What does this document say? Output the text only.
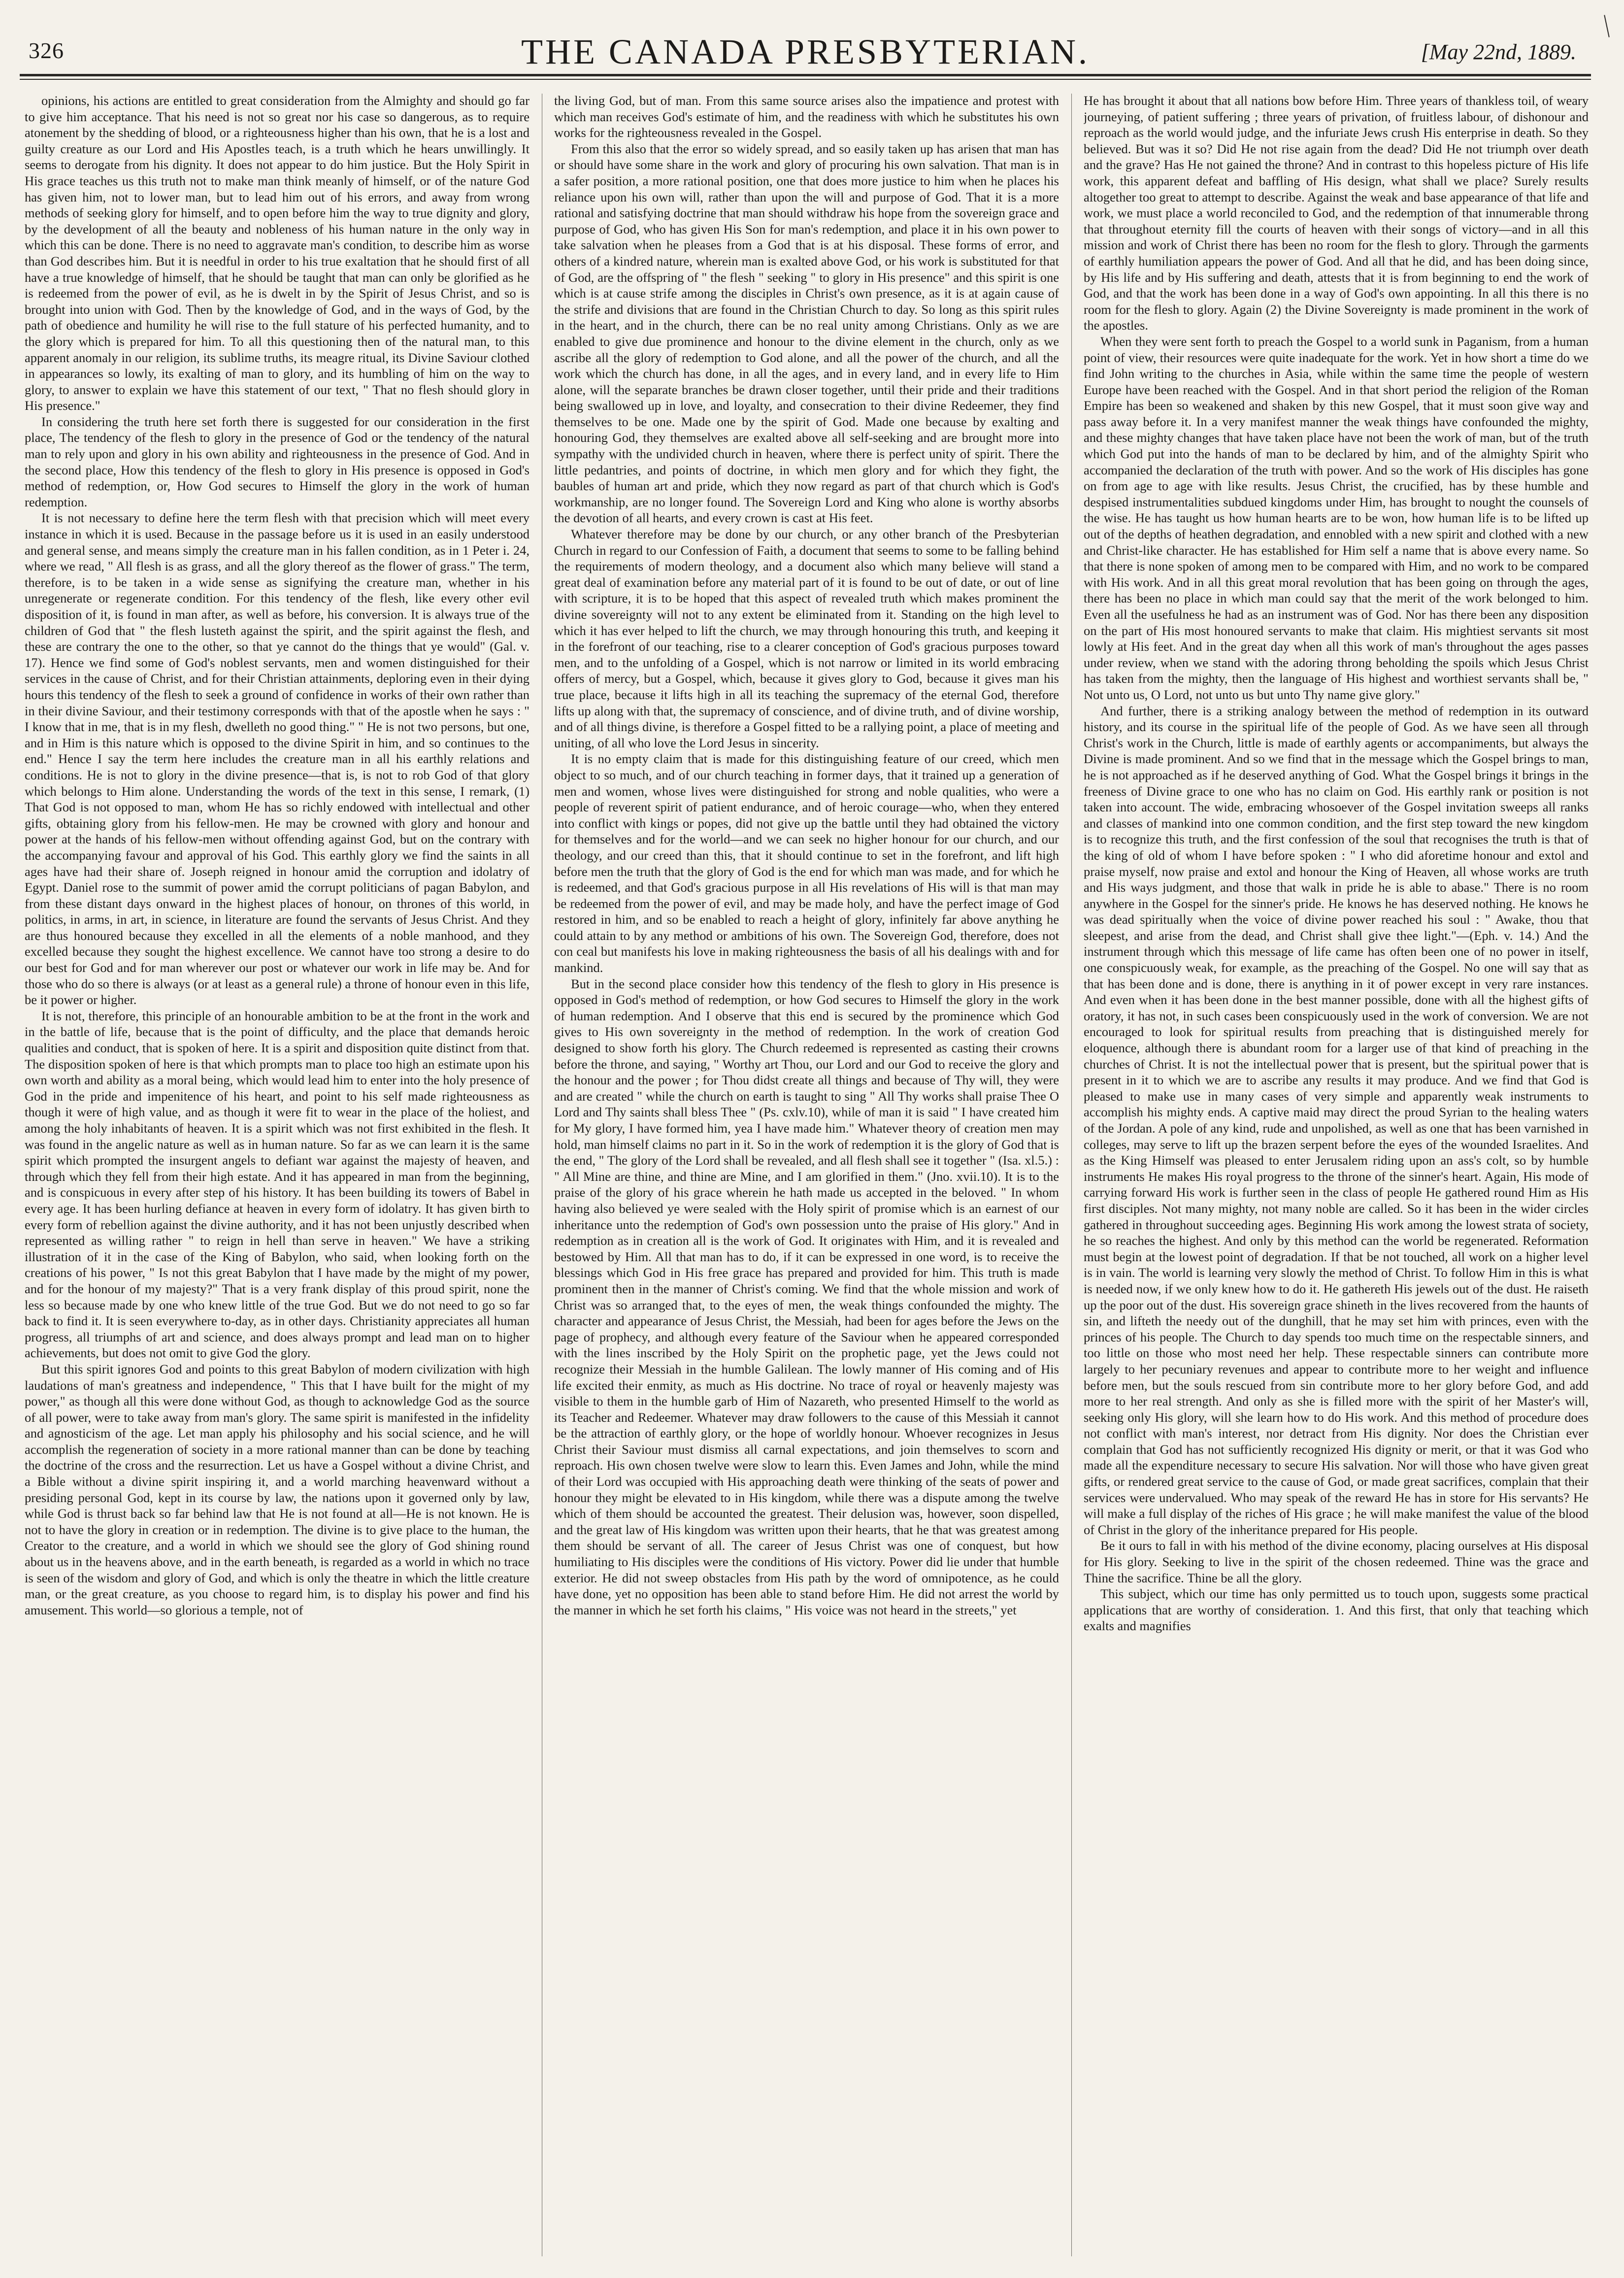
326	THE CANADA PRESBYTERIAN.	[May 22nd, 1889.

opinions, his actions are entitled to great consideration from the Almighty and should go far to give him acceptance. That his need is not so great nor his case so dangerous, as to require atonement by the shedding of blood, or a righteousness higher than his own, that he is a lost and guilty creature as our Lord and His Apostles teach, is a truth which he hears unwillingly. It seems to derogate from his dignity. It does not appear to do him justice. But the Holy Spirit in His grace teaches us this truth not to make man think meanly of himself, or of the nature God has given him, not to lower man, but to lead him out of his errors, and away from wrong methods of seeking glory for himself, and to open before him the way to true dignity and glory, by the development of all the beauty and nobleness of his human nature in the only way in which this can be done. There is no need to aggravate man's condition, to describe him as worse than God describes him. But it is needful in order to his true exaltation that he should first of all have a true knowledge of himself, that he should be taught that man can only be glorified as he is redeemed from the power of evil, as he is dwelt in by the Spirit of Jesus Christ, and so is brought into union with God. Then by the knowledge of God, and in the ways of God, by the path of obedience and humility he will rise to the full stature of his perfected humanity, and to the glory which is prepared for him. To all this questioning then of the natural man, to this apparent anomaly in our religion, its sublime truths, its meagre ritual, its Divine Saviour clothed in appearances so lowly, its exalting of man to glory, and its humbling of him on the way to glory, to answer to explain we have this statement of our text, " That no flesh should glory in His presence."

In considering the truth here set forth there is suggested for our consideration in the first place, The tendency of the flesh to glory in the presence of God or the tendency of the natural man to rely upon and glory in his own ability and righteousness in the presence of God. And in the second place, How this tendency of the flesh to glory in His presence is opposed in God's method of redemption, or, How God secures to Himself the glory in the work of human redemption.

It is not necessary to define here the term flesh with that precision which will meet every instance in which it is used. Because in the passage before us it is used in an easily understood and general sense, and means simply the creature man in his fallen condition, as in 1 Peter i. 24, where we read, " All flesh is as grass, and all the glory thereof as the flower of grass." The term, therefore, is to be taken in a wide sense as signifying the creature man, whether in his unregenerate or regenerate condition. For this tendency of the flesh, like every other evil disposition of it, is found in man after, as well as before, his conversion. It is always true of the children of God that " the flesh lusteth against the spirit, and the spirit against the flesh, and these are contrary the one to the other, so that ye cannot do the things that ye would" (Gal. v. 17). Hence we find some of God's noblest servants, men and women distinguished for their services in the cause of Christ, and for their Christian attainments, deploring even in their dying hours this tendency of the flesh to seek a ground of confidence in works of their own rather than in their divine Saviour, and their testimony corresponds with that of the apostle when he says : " I know that in me, that is in my flesh, dwelleth no good thing." " He is not two persons, but one, and in Him is this nature which is opposed to the divine Spirit in him, and so continues to the end." Hence I say the term here includes the creature man in all his earthly relations and conditions. He is not to glory in the divine presence—that is, is not to rob God of that glory which belongs to Him alone. Understanding the words of the text in this sense, I remark, (1) That God is not opposed to man, whom He has so richly endowed with intellectual and other gifts, obtaining glory from his fellow-men. He may be crowned with glory and honour and power at the hands of his fellow-men without offending against God, but on the contrary with the accompanying favour and approval of his God. This earthly glory we find the saints in all ages have had their share of. Joseph reigned in honour amid the corruption and idolatry of Egypt. Daniel rose to the summit of power amid the corrupt politicians of pagan Babylon, and from these distant days onward in the highest places of honour, on thrones of this world, in politics, in arms, in art, in science, in literature are found the servants of Jesus Christ. And they are thus honoured because they excelled in all the elements of a noble manhood, and they excelled because they sought the highest excellence. We cannot have too strong a desire to do our best for God and for man wherever our post or whatever our work in life may be. And for those who do so there is always (or at least as a general rule) a throne of honour even in this life, be it power or higher.

It is not, therefore, this principle of an honourable ambition to be at the front in the work and in the battle of life, because that is the point of difficulty, and the place that demands heroic qualities and conduct, that is spoken of here. It is a spirit and disposition quite distinct from that. The disposition spoken of here is that which prompts man to place too high an estimate upon his own worth and ability as a moral being, which would lead him to enter into the holy presence of God in the pride and impenitence of his heart, and point to his self made righteousness as though it were of high value, and as though it were fit to wear in the place of the holiest, and among the holy inhabitants of heaven. It is a spirit which was not first exhibited in the flesh. It was found in the angelic nature as well as in human nature. So far as we can learn it is the same spirit which prompted the insurgent angels to defiant war against the majesty of heaven, and through which they fell from their high estate. And it has appeared in man from the beginning, and is conspicuous in every after step of his history. It has been building its towers of Babel in every age. It has been hurling defiance at heaven in every form of idolatry. It has given birth to every form of rebellion against the divine authority, and it has not been unjustly described when represented as willing rather " to reign in hell than serve in heaven." We have a striking illustration of it in the case of the King of Babylon, who said, when looking forth on the creations of his power, " Is not this great Babylon that I have made by the might of my power, and for the honour of my majesty?" That is a very frank display of this proud spirit, none the less so because made by one who knew little of the true God. But we do not need to go so far back to find it. It is seen everywhere to-day, as in other days. Christianity appreciates all human progress, all triumphs of art and science, and does always prompt and lead man on to higher achievements, but does not omit to give God the glory.

But this spirit ignores God and points to this great Babylon of modern civilization with high laudations of man's greatness and independence, " This that I have built for the might of my power," as though all this were done without God, as though to acknowledge God as the source of all power, were to take away from man's glory. The same spirit is manifested in the infidelity and agnosticism of the age. Let man apply his philosophy and his social science, and he will accomplish the regeneration of society in a more rational manner than can be done by teaching the doctrine of the cross and the resurrection. Let us have a Gospel without a divine Christ, and a Bible without a divine spirit inspiring it, and a world marching heavenward without a presiding personal God, kept in its course by law, the nations upon it governed only by law, while God is thrust back so far behind law that He is not found at all—He is not known. He is not to have the glory in creation or in redemption. The divine is to give place to the human, the Creator to the creature, and a world in which we should see the glory of God shining round about us in the heavens above, and in the earth beneath, is regarded as a world in which no trace is seen of the wisdom and glory of God, and which is only the theatre in which the little creature man, or the great creature, as you choose to regard him, is to display his power and find his amusement. This world—so glorious a temple, not of

the living God, but of man. From this same source arises also the impatience and protest with which man receives God's estimate of him, and the readiness with which he substitutes his own works for the righteousness revealed in the Gospel.

From this also that the error so widely spread, and so easily taken up has arisen that man has or should have some share in the work and glory of procuring his own salvation. That man is in a safer position, a more rational position, one that does more justice to him when he places his reliance upon his own will, rather than upon the will and purpose of God. That it is a more rational and satisfying doctrine that man should withdraw his hope from the sovereign grace and purpose of God, who has given His Son for man's redemption, and place it in his own power to take salvation when he pleases from a God that is at his disposal. These forms of error, and others of a kindred nature, wherein man is exalted above God, or his work is substituted for that of God, are the offspring of " the flesh " seeking " to glory in His presence" and this spirit is one which is at cause strife among the disciples in Christ's own presence, as it is at again cause of the strife and divisions that are found in the Christian Church to day. So long as this spirit rules in the heart, and in the church, there can be no real unity among Christians. Only as we are enabled to give due prominence and honour to the divine element in the church, only as we ascribe all the glory of redemption to God alone, and all the power of the church, and all the work which the church has done, in all the ages, and in every land, and in every life to Him alone, will the separate branches be drawn closer together, until their pride and their traditions being swallowed up in love, and loyalty, and consecration to their divine Redeemer, they find themselves to be one. Made one by the spirit of God. Made one because by exalting and honouring God, they themselves are exalted above all self-seeking and are brought more into sympathy with the undivided church in heaven, where there is perfect unity of spirit. There the little pedantries, and points of doctrine, in which men glory and for which they fight, the baubles of human art and pride, which they now regard as part of that church which is God's workmanship, are no longer found. The Sovereign Lord and King who alone is worthy absorbs the devotion of all hearts, and every crown is cast at His feet.

Whatever therefore may be done by our church, or any other branch of the Presbyterian Church in regard to our Confession of Faith, a document that seems to some to be falling behind the requirements of modern theology, and a document also which many believe will stand a great deal of examination before any material part of it is found to be out of date, or out of line with scripture, it is to be hoped that this aspect of revealed truth which makes prominent the divine sovereignty will not to any extent be eliminated from it. Standing on the high level to which it has ever helped to lift the church, we may through honouring this truth, and keeping it in the forefront of our teaching, rise to a clearer conception of God's gracious purposes toward men, and to the unfolding of a Gospel, which is not narrow or limited in its world embracing offers of mercy, but a Gospel, which, because it gives glory to God, because it gives man his true place, because it lifts high in all its teaching the supremacy of the eternal God, therefore lifts up along with that, the supremacy of conscience, and of divine truth, and of divine worship, and of all things divine, is therefore a Gospel fitted to be a rallying point, a place of meeting and uniting, of all who love the Lord Jesus in sincerity.

It is no empty claim that is made for this distinguishing feature of our creed, which men object to so much, and of our church teaching in former days, that it trained up a generation of men and women, whose lives were distinguished for strong and noble qualities, who were a people of reverent spirit of patient endurance, and of heroic courage—who, when they entered into conflict with kings or popes, did not give up the battle until they had obtained the victory for themselves and for the world—and we can seek no higher honour for our church, and our theology, and our creed than this, that it should continue to set in the forefront, and lift high before men the truth that the glory of God is the end for which man was made, and for which he is redeemed, and that God's gracious purpose in all His revelations of His will is that man may be redeemed from the power of evil, and may be made holy, and have the perfect image of God restored in him, and so be enabled to reach a height of glory, infinitely far above anything he could attain to by any method or ambitions of his own. The Sovereign God, therefore, does not con ceal but manifests his love in making righteousness the basis of all his dealings with and for mankind.

But in the second place consider how this tendency of the flesh to glory in His presence is opposed in God's method of redemption, or how God secures to Himself the glory in the work of human redemption. And I observe that this end is secured by the prominence which God gives to His own sovereignty in the method of redemption. In the work of creation God designed to show forth his glory. The Church redeemed is represented as casting their crowns before the throne, and saying, " Worthy art Thou, our Lord and our God to receive the glory and the honour and the power ; for Thou didst create all things and because of Thy will, they were and are created " while the church on earth is taught to sing " All Thy works shall praise Thee O Lord and Thy saints shall bless Thee " (Ps. cxlv.10), while of man it is said " I have created him for My glory, I have formed him, yea I have made him." Whatever theory of creation men may hold, man himself claims no part in it. So in the work of redemption it is the glory of God that is the end, " The glory of the Lord shall be revealed, and all flesh shall see it together " (Isa. xl.5.) : " All Mine are thine, and thine are Mine, and I am glorified in them." (Jno. xvii.10). It is to the praise of the glory of his grace wherein he hath made us accepted in the beloved. " In whom having also believed ye were sealed with the Holy spirit of promise which is an earnest of our inheritance unto the redemption of God's own possession unto the praise of His glory." And in redemption as in creation all is the work of God. It originates with Him, and it is revealed and bestowed by Him. All that man has to do, if it can be expressed in one word, is to receive the blessings which God in His free grace has prepared and provided for him. This truth is made prominent then in the manner of Christ's coming. We find that the whole mission and work of Christ was so arranged that, to the eyes of men, the weak things confounded the mighty. The character and appearance of Jesus Christ, the Messiah, had been for ages before the Jews on the page of prophecy, and although every feature of the Saviour when he appeared corresponded with the lines inscribed by the Holy Spirit on the prophetic page, yet the Jews could not recognize their Messiah in the humble Galilean. The lowly manner of His coming and of His life excited their enmity, as much as His doctrine. No trace of royal or heavenly majesty was visible to them in the humble garb of Him of Nazareth, who presented Himself to the world as its Teacher and Redeemer. Whatever may draw followers to the cause of this Messiah it cannot be the attraction of earthly glory, or the hope of worldly honour. Whoever recognizes in Jesus Christ their Saviour must dismiss all carnal expectations, and join themselves to scorn and reproach. His own chosen twelve were slow to learn this. Even James and John, while the mind of their Lord was occupied with His approaching death were thinking of the seats of power and honour they might be elevated to in His kingdom, while there was a dispute among the twelve which of them should be accounted the greatest. Their delusion was, however, soon dispelled, and the great law of His kingdom was written upon their hearts, that he that was greatest among them should be servant of all. The career of Jesus Christ was one of conquest, but how humiliating to His disciples were the conditions of His victory. Power did lie under that humble exterior. He did not sweep obstacles from His path by the word of omnipotence, as he could have done, yet no opposition has been able to stand before Him. He did not arrest the world by the manner in which he set forth his claims, " His voice was not heard in the streets," yet

He has brought it about that all nations bow before Him. Three years of thankless toil, of weary journeying, of patient suffering ; three years of privation, of fruitless labour, of dishonour and reproach as the world would judge, and the infuriate Jews crush His enterprise in death. So they believed. But was it so? Did He not rise again from the dead? Did He not triumph over death and the grave? Has He not gained the throne? And in contrast to this hopeless picture of His life work, this apparent defeat and baffling of His design, what shall we place? Surely results altogether too great to attempt to describe. Against the weak and base appearance of that life and work, we must place a world reconciled to God, and the redemption of that innumerable throng that throughout eternity fill the courts of heaven with their songs of victory—and in all this mission and work of Christ there has been no room for the flesh to glory. Through the garments of earthly humiliation appears the power of God. And all that he did, and has been doing since, by His life and by His suffering and death, attests that it is from beginning to end the work of God, and that the work has been done in a way of God's own appointing. In all this there is no room for the flesh to glory. Again (2) the Divine Sovereignty is made prominent in the work of the apostles.

When they were sent forth to preach the Gospel to a world sunk in Paganism, from a human point of view, their resources were quite inadequate for the work. Yet in how short a time do we find John writing to the churches in Asia, while within the same time the people of western Europe have been reached with the Gospel. And in that short period the religion of the Roman Empire has been so weakened and shaken by this new Gospel, that it must soon give way and pass away before it. In a very manifest manner the weak things have confounded the mighty, and these mighty changes that have taken place have not been the work of man, but of the truth which God put into the hands of man to be declared by him, and of the almighty Spirit who accompanied the declaration of the truth with power. And so the work of His disciples has gone on from age to age with like results. Jesus Christ, the crucified, has by these humble and despised instrumentalities subdued kingdoms under Him, has brought to nought the counsels of the wise. He has taught us how human hearts are to be won, how human life is to be lifted up out of the depths of heathen degradation, and ennobled with a new spirit and clothed with a new and Christ-like character. He has established for Him self a name that is above every name. So that there is none spoken of among men to be compared with Him, and no work to be compared with His work. And in all this great moral revolution that has been going on through the ages, there has been no place in which man could say that the merit of the work belonged to him. Even all the usefulness he had as an instrument was of God. Nor has there been any disposition on the part of His most honoured servants to make that claim. His mightiest servants sit most lowly at His feet. And in the great day when all this work of man's throughout the ages passes under review, when we stand with the adoring throng beholding the spoils which Jesus Christ has taken from the mighty, then the language of His highest and worthiest servants shall be, " Not unto us, O Lord, not unto us but unto Thy name give glory."

And further, there is a striking analogy between the method of redemption in its outward history, and its course in the spiritual life of the people of God. As we have seen all through Christ's work in the Church, little is made of earthly agents or accompaniments, but always the Divine is made prominent. And so we find that in the message which the Gospel brings to man, he is not approached as if he deserved anything of God. What the Gospel brings it brings in the freeness of Divine grace to one who has no claim on God. His earthly rank or position is not taken into account. The wide, embracing whosoever of the Gospel invitation sweeps all ranks and classes of mankind into one common condition, and the first step toward the new kingdom is to recognize this truth, and the first confession of the soul that recognises the truth is that of the king of old of whom I have before spoken : " I who did aforetime honour and extol and praise myself, now praise and extol and honour the King of Heaven, all whose works are truth and His ways judgment, and those that walk in pride he is able to abase." There is no room anywhere in the Gospel for the sinner's pride. He knows he has deserved nothing. He knows he was dead spiritually when the voice of divine power reached his soul : " Awake, thou that sleepest, and arise from the dead, and Christ shall give thee light."—(Eph. v. 14.) And the instrument through which this message of life came has often been one of no power in itself, one conspicuously weak, for example, as the preaching of the Gospel. No one will say that as that has been done and is done, there is anything in it of power except in very rare instances. And even when it has been done in the best manner possible, done with all the highest gifts of oratory, it has not, in such cases been conspicuously used in the work of conversion. We are not encouraged to look for spiritual results from preaching that is distinguished merely for eloquence, although there is abundant room for a larger use of that kind of preaching in the churches of Christ. It is not the intellectual power that is present, but the spiritual power that is present in it to which we are to ascribe any results it may produce. And we find that God is pleased to make use in many cases of very simple and apparently weak instruments to accomplish his mighty ends. A captive maid may direct the proud Syrian to the healing waters of the Jordan. A pole of any kind, rude and unpolished, as well as one that has been varnished in colleges, may serve to lift up the brazen serpent before the eyes of the wounded Israelites. And as the King Himself was pleased to enter Jerusalem riding upon an ass's colt, so by humble instruments He makes His royal progress to the throne of the sinner's heart. Again, His mode of carrying forward His work is further seen in the class of people He gathered round Him as His first disciples. Not many mighty, not many noble are called. So it has been in the wider circles gathered in throughout succeeding ages. Beginning His work among the lowest strata of society, he so reaches the highest. And only by this method can the world be regenerated. Reformation must begin at the lowest point of degradation. If that be not touched, all work on a higher level is in vain. The world is learning very slowly the method of Christ. To follow Him in this is what is needed now, if we only knew how to do it. He gathereth His jewels out of the dust. He raiseth up the poor out of the dust. His sovereign grace shineth in the lives recovered from the haunts of sin, and lifteth the needy out of the dunghill, that he may set him with princes, even with the princes of his people. The Church to day spends too much time on the respectable sinners, and too little on those who most need her help. These respectable sinners can contribute more largely to her pecuniary revenues and appear to contribute more to her weight and influence before men, but the souls rescued from sin contribute more to her glory before God, and add more to her real strength. And only as she is filled more with the spirit of her Master's will, seeking only His glory, will she learn how to do His work. And this method of procedure does not conflict with man's interest, nor detract from His dignity. Nor does the Christian ever complain that God has not sufficiently recognized His dignity or merit, or that it was God who made all the expenditure necessary to secure His salvation. Nor will those who have given great gifts, or rendered great service to the cause of God, or made great sacrifices, complain that their services were undervalued. Who may speak of the reward He has in store for His servants? He will make a full display of the riches of His grace ; he will make manifest the value of the blood of Christ in the glory of the inheritance prepared for His people.

Be it ours to fall in with his method of the divine economy, placing ourselves at His disposal for His glory. Seeking to live in the spirit of the chosen redeemed. Thine was the grace and Thine the sacrifice. Thine be all the glory.

This subject, which our time has only permitted us to touch upon, suggests some practical applications that are worthy of consideration. 1. And this first, that only that teaching which exalts and magnifies
